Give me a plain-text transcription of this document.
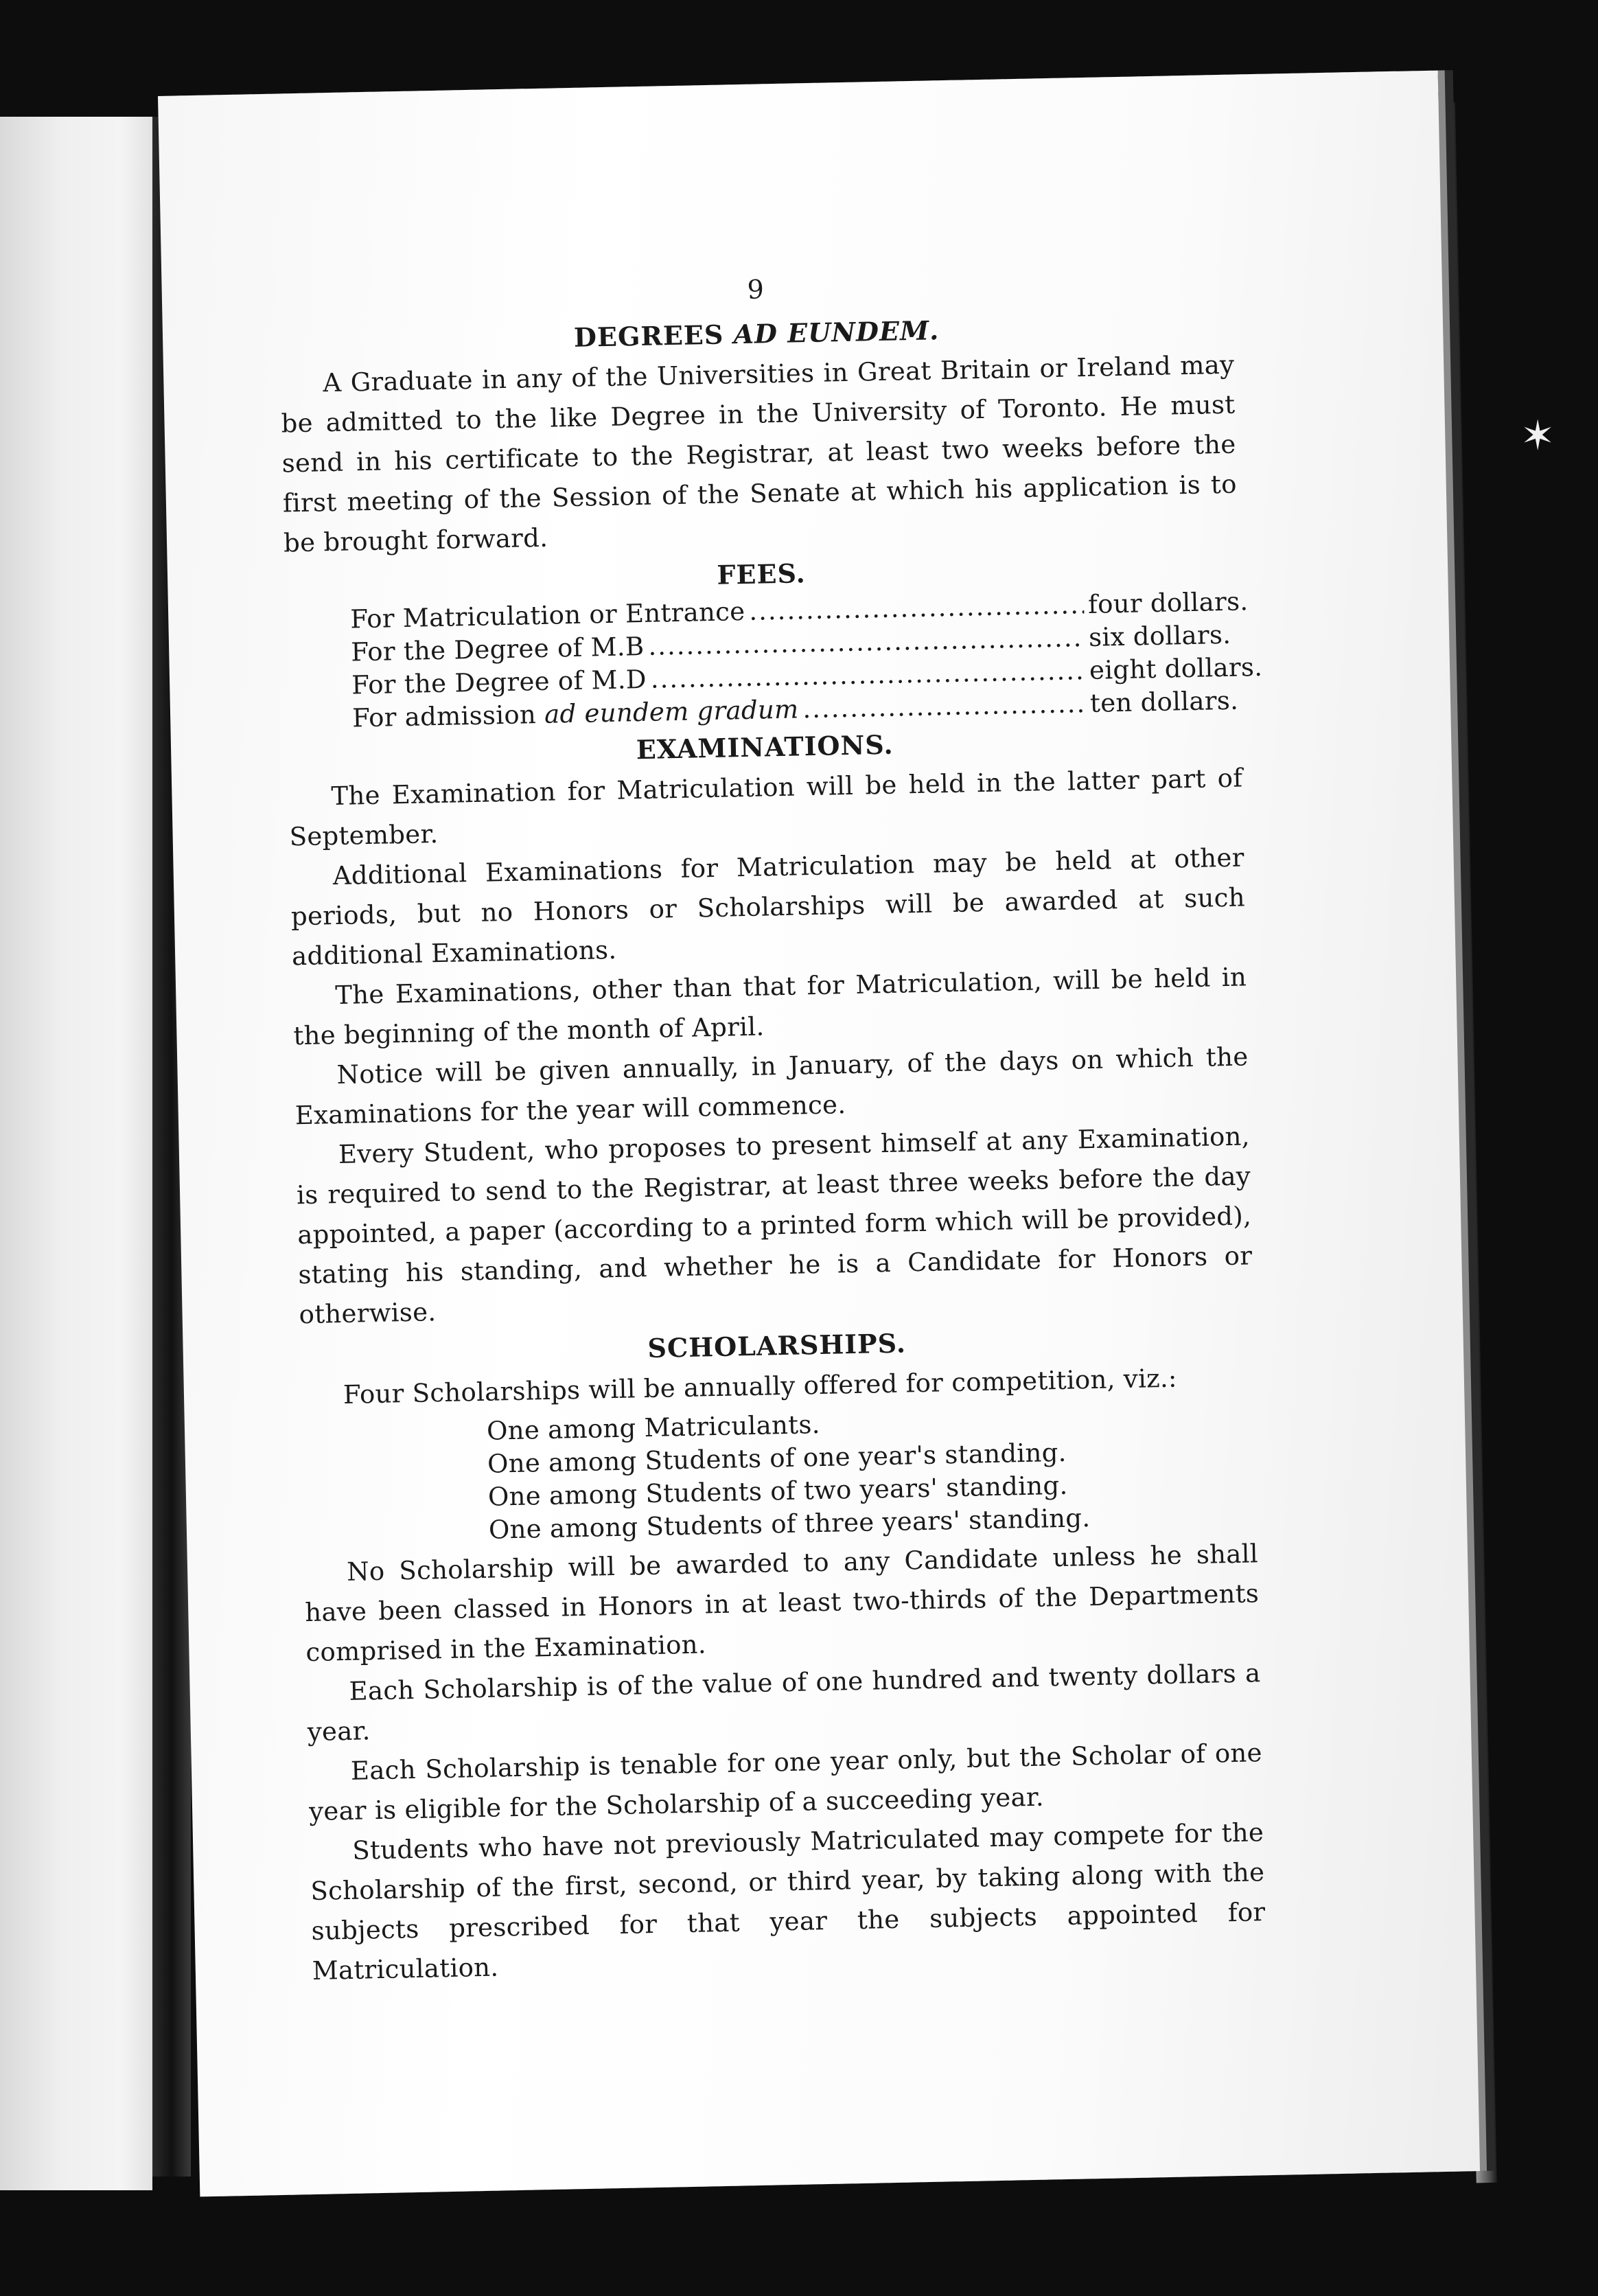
9
DEGREES AD EUNDEM.

A Graduate in any of the Universities in Great Britain or Ireland may be admitted to the like Degree in the University of Toronto. He must send in his certificate to the Registrar, at least two weeks before the first meeting of the Session of the Senate at which his application is to be brought forward.

FEES.
For Matriculation or Entrance .....	four dollars.
For the Degree of M.B .....	six dollars.
For the Degree of M.D .....	eight dollars.
For admission ad eundem gradum .....	ten dollars.
EXAMINATIONS.

The Examination for Matriculation will be held in the latter part of September.

Additional Examinations for Matriculation may be held at other periods, but no Honors or Scholarships will be awarded at such additional Examinations.

The Examinations, other than that for Matriculation, will be held in the beginning of the month of April.

Notice will be given annually, in January, of the days on which the Examinations for the year will commence.

Every Student, who proposes to present himself at any Examination, is required to send to the Registrar, at least three weeks before the day appointed, a paper (according to a printed form which will be provided), stating his standing, and whether he is a Candidate for Honors or otherwise.

SCHOLARSHIPS.

Four Scholarships will be annually offered for competition, viz.:

One among Matriculants.
One among Students of one year's standing.
One among Students of two years' standing.
One among Students of three years' standing.

No Scholarship will be awarded to any Candidate unless he shall have been classed in Honors in at least two-thirds of the Departments comprised in the Examination.

Each Scholarship is of the value of one hundred and twenty dollars a year.

Each Scholarship is tenable for one year only, but the Scholar of one year is eligible for the Scholarship of a succeeding year.

Students who have not previously Matriculated may compete for the Scholarship of the first, second, or third year, by taking along with the subjects prescribed for that year the subjects appointed for Matriculation.

✶
